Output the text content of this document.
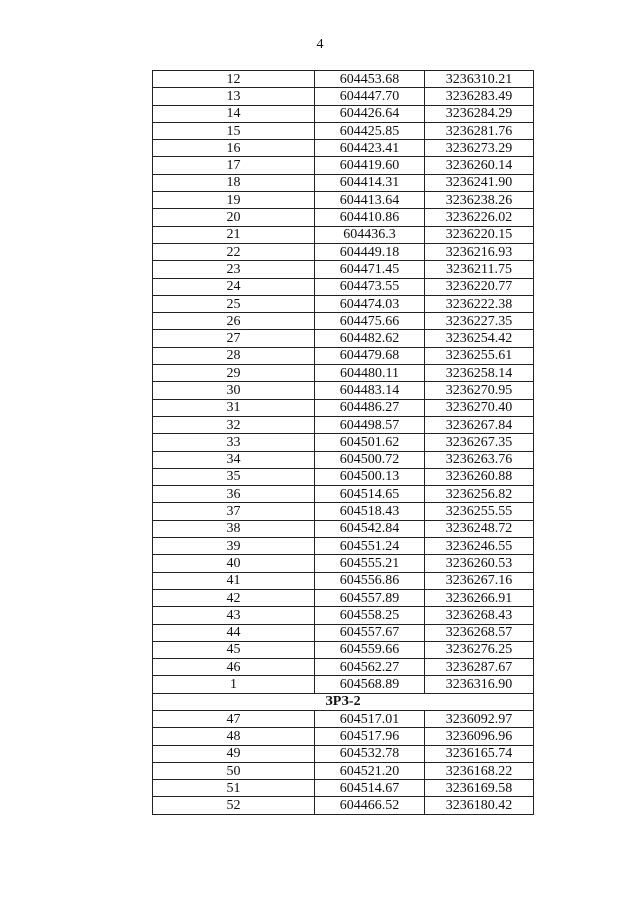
4
12	604453.68	3236310.21
13	604447.70	3236283.49
14	604426.64	3236284.29
15	604425.85	3236281.76
16	604423.41	3236273.29
17	604419.60	3236260.14
18	604414.31	3236241.90
19	604413.64	3236238.26
20	604410.86	3236226.02
21	604436.3	3236220.15
22	604449.18	3236216.93
23	604471.45	3236211.75
24	604473.55	3236220.77
25	604474.03	3236222.38
26	604475.66	3236227.35
27	604482.62	3236254.42
28	604479.68	3236255.61
29	604480.11	3236258.14
30	604483.14	3236270.95
31	604486.27	3236270.40
32	604498.57	3236267.84
33	604501.62	3236267.35
34	604500.72	3236263.76
35	604500.13	3236260.88
36	604514.65	3236256.82
37	604518.43	3236255.55
38	604542.84	3236248.72
39	604551.24	3236246.55
40	604555.21	3236260.53
41	604556.86	3236267.16
42	604557.89	3236266.91
43	604558.25	3236268.43
44	604557.67	3236268.57
45	604559.66	3236276.25
46	604562.27	3236287.67
1	604568.89	3236316.90
ЗРЗ-2		
47	604517.01	3236092.97
48	604517.96	3236096.96
49	604532.78	3236165.74
50	604521.20	3236168.22
51	604514.67	3236169.58
52	604466.52	3236180.42
